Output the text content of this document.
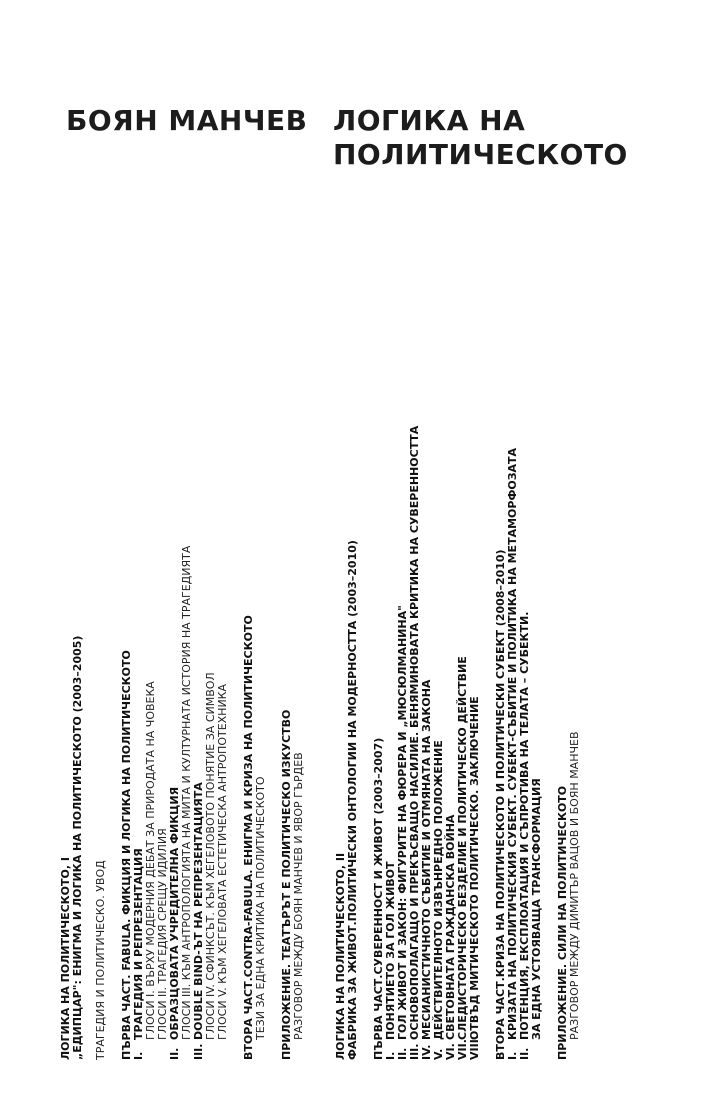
БОЯН МАНЧЕВ ЛОГИКА НА
ПОЛИТИЧЕСКОТО
ЛОГИКА НА ПОЛИТИЧЕСКОТО, I „ЕДИПЦАР": ЕНИГМА И ЛОГИКА НА ПОЛИТИЧЕСКОТО (2003–2005) ТРАГЕДИЯ И ПОЛИТИЧЕСКО. УВОД ПЪРВА ЧАСТ. FABULA. ФИКЦИЯ И ЛОГИКА НА ПОЛИТИЧЕСКОТО I.ТРАГЕДИЯ И РЕПРЕЗЕНТАЦИЯ ГЛОСИ I. ВЪРХУ МОДЕРНИЯ ДЕБАТ ЗА ПРИРОДАТА НА ЧОВЕКА ГЛОСИ II. ТРАГЕДИЯ СРЕЩУ ИДИЛИЯ
II.ОБРАЗЦОВАТА УЧРЕДИТЕЛНА ФИКЦИЯ ГЛОСИ III. КЪМ АНТРОПОЛОГИЯТА НА МИТА И КУЛТУРНАТА ИСТОРИЯ НА ТРАГЕДИЯТА
III.DOUBLE BIND-ЪТ НА РЕПРЕЗЕНТАЦИЯТА ГЛОСИ IV. СФИНКСЪТ. КЪМ ХЕГЕЛОВОТО ПОНЯТИЕ ЗА СИМВОЛ ГЛОСИ V. КЪМ ХЕГЕЛОВАТА ЕСТЕТИЧЕСКА АНТРОПОТЕХНИКА ВТОРА ЧАСТ.CONTRA-FABULA. ЕНИГМА И КРИЗА НА ПОЛИТИЧЕСКОТО ТЕЗИ ЗА ЕДНА КРИТИКА НА ПОЛИТИЧЕСКОТО ПРИЛОЖЕНИЕ. ТЕАТЪРЪТ Е ПОЛИТИЧЕСКО ИЗКУСТВО РАЗГОВОР МЕЖДУ БОЯН МАНЧЕВ И ЯВОР ГЪРДЕВ	ЛОГИКА НА ПОЛИТИЧЕСКОТО, II ФАБРИКА ЗА ЖИВОТ.ПОЛИТИЧЕСКИ ОНТОЛОГИИ НА МОДЕРНОСТТА (2003–2010) ПЪРВА ЧАСТ.СУВЕРЕННОСТ И ЖИВОТ (2003–2007) I.ПОНЯТИЕТО ЗА ГОЛ ЖИВОТ
II.ГОЛ ЖИВОТ И ЗАКОН: ФИГУРИТЕ НА ФЮРЕРА И „МЮСЮЛМАНИНА"
III.ОСНОВОПОЛАГАЩО И ПРЕКЪСВАЩО НАСИЛИЕ. БЕНЯМИНОВАТА КРИТИКА НА СУВЕРЕННОСТТА
IV.МЕСИАНИСТИЧНОТО СЪБИТИЕ И ОТМЯНАТА НА ЗАКОНА
V.ДЕЙСТВИТЕЛНОТО ИЗВЪНРЕДНО ПОЛОЖЕНИЕ
VI.СВЕТОВНАТА ГРАЖДАНСКА ВОЙНА
VII.СЛЕДИСТОРИЧЕСКО БЕЗДЕЛИЕ И ПОЛИТИЧЕСКО ДЕЙСТВИЕ
VIII.ОТВЪД МИТИЧЕСКОТО ПОЛИТИЧЕСКО. ЗАКЛЮЧЕНИЕ ВТОРА ЧАСТ.КРИЗА НА ПОЛИТИЧЕСКОТО И ПОЛИТИЧЕСКИ СУБЕКТ (2008–2010) I.КРИЗАТА НА ПОЛИТИЧЕСКИЯ СУБЕКТ. СУБЕКТ-СЪБИТИЕ И ПОЛИТИКА НА МЕТАМОРФОЗАТА
II.ПОТЕНЦИЯ, ЕКСПЛОАТАЦИЯ И СЪПРОТИВА НА ТЕЛАТА – СУБЕКТИ. ЗА ЕДНА УСТОЯВАЩА ТРАНСФОРМАЦИЯ ПРИЛОЖЕНИЕ. СИЛИ НА ПОЛИТИЧЕСКОТО РАЗГОВОР МЕЖДУ ДИМИТЪР ВАЦОВ И БОЯН МАНЧЕВ
